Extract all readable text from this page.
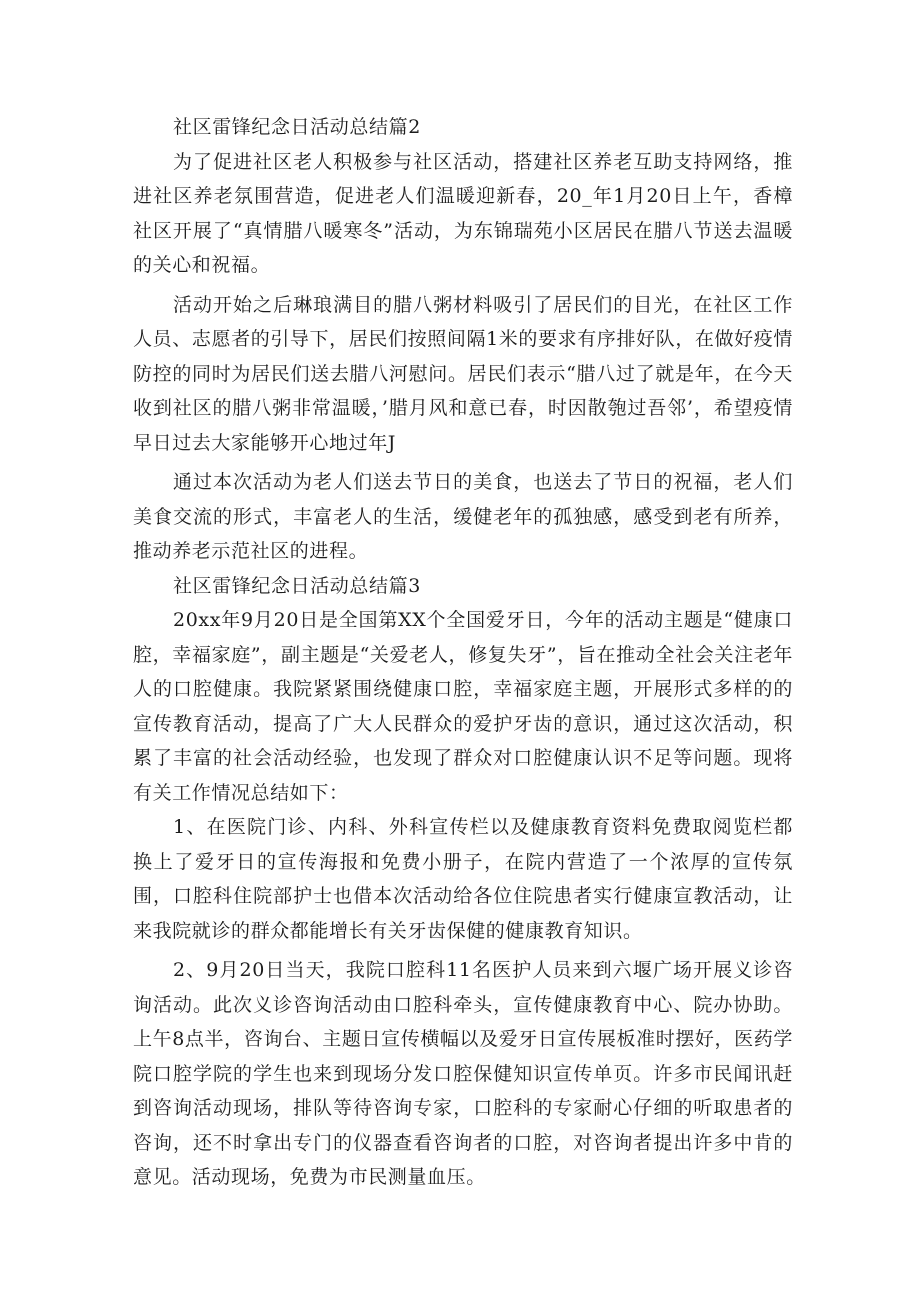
社区雷锋纪念日活动总结篇2

为了促进社区老人积极参与社区活动，搭建社区养老互助支持网络，推进社区养老氛围营造，促进老人们温暖迎新春，20_年1月20日上午，香樟社区开展了“真情腊八暖寒冬”活动，为东锦瑞苑小区居民在腊八节送去温暖的关心和祝福。

活动开始之后琳琅满目的腊八粥材料吸引了居民们的目光，在社区工作人员、志愿者的引导下，居民们按照间隔1米的要求有序排好队，在做好疫情防控的同时为居民们送去腊八河慰问。居民们表示“腊八过了就是年，在今天收到社区的腊八粥非常温暖，’腊月风和意已春，时因散匏过吾邻’，希望疫情早日过去大家能够开心地过年J

通过本次活动为老人们送去节日的美食，也送去了节日的祝福，老人们美食交流的形式，丰富老人的生活，缓健老年的孤独感，感受到老有所养，推动养老示范社区的进程。

社区雷锋纪念日活动总结篇3

20xx年9月20日是全国第XX个全国爱牙日，今年的活动主题是“健康口腔，幸福家庭”，副主题是“关爱老人，修复失牙”，旨在推动全社会关注老年人的口腔健康。我院紧紧围绕健康口腔，幸福家庭主题，开展形式多样的的宣传教育活动，提高了广大人民群众的爱护牙齿的意识，通过这次活动，积累了丰富的社会活动经验，也发现了群众对口腔健康认识不足等问题。现将有关工作情况总结如下：

1、在医院门诊、内科、外科宣传栏以及健康教育资料免费取阅览栏都换上了爱牙日的宣传海报和免费小册子，在院内营造了一个浓厚的宣传氛围，口腔科住院部护士也借本次活动给各位住院患者实行健康宣教活动，让来我院就诊的群众都能增长有关牙齿保健的健康教育知识。

2、9月20日当天，我院口腔科11名医护人员来到六堰广场开展义诊咨询活动。此次义诊咨询活动由口腔科牵头，宣传健康教育中心、院办协助。上午8点半，咨询台、主题日宣传横幅以及爱牙日宣传展板准时摆好，医药学院口腔学院的学生也来到现场分发口腔保健知识宣传单页。许多市民闻讯赶到咨询活动现场，排队等待咨询专家，口腔科的专家耐心仔细的听取患者的咨询，还不时拿出专门的仪器查看咨询者的口腔，对咨询者提出许多中肯的意见。活动现场，免费为市民测量血压。
